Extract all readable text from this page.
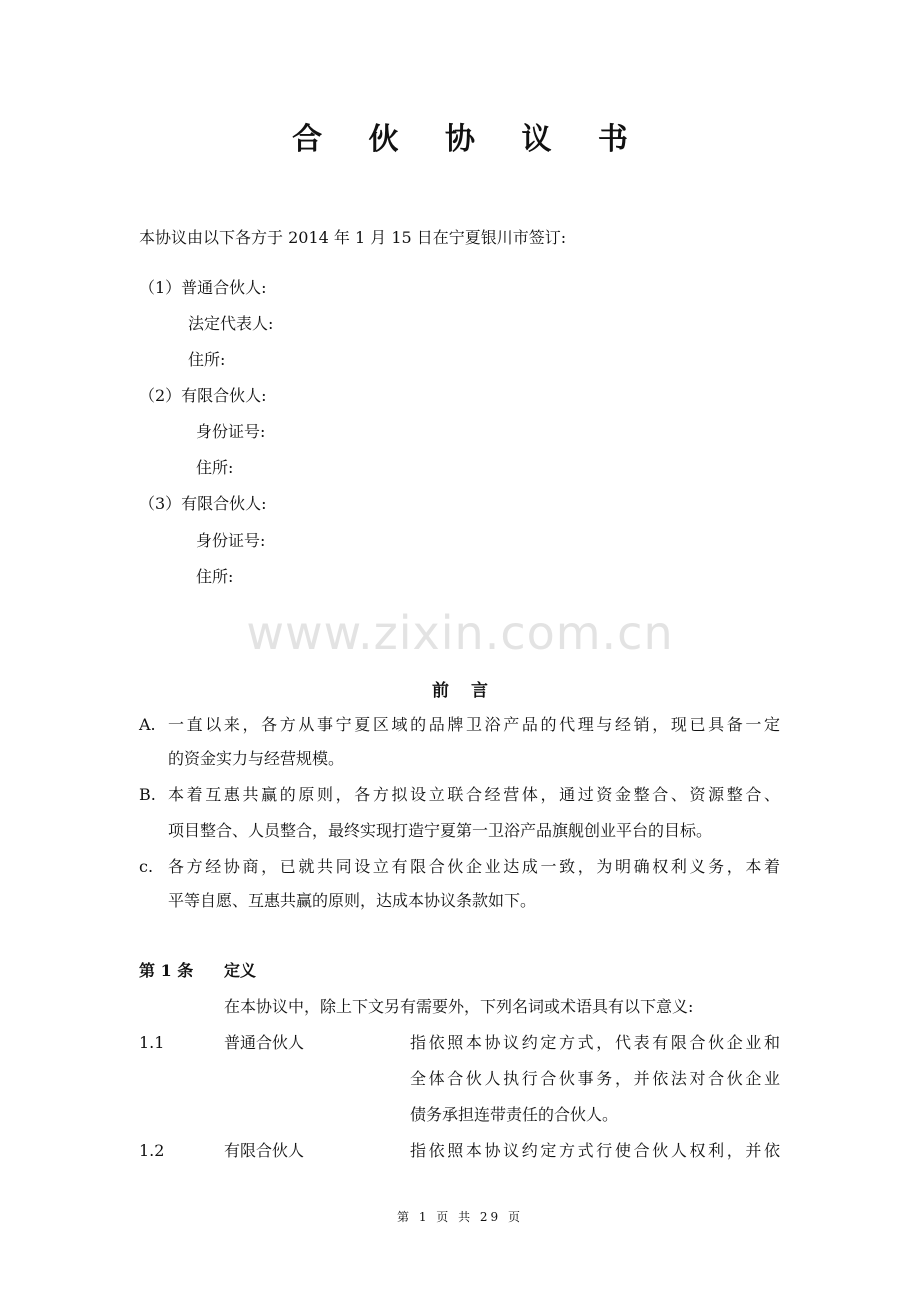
合 伙 协 议 书
本协议由以下各方于 2014 年 1 月 15 日在宁夏银川市签订:
（1）普通合伙人:
法定代表人:
住所:
（2）有限合伙人:
身份证号:
住所:
（3）有限合伙人:
身份证号:
住所:
www.zixin.com.cn
前 言
A. 一直以来，各方从事宁夏区域的品牌卫浴产品的代理与经销，现已具备一定
的资金实力与经营规模。
B. 本着互惠共赢的原则，各方拟设立联合经营体，通过资金整合、资源整合、
项目整合、人员整合，最终实现打造宁夏第一卫浴产品旗舰创业平台的目标。
c. 各方经协商，已就共同设立有限合伙企业达成一致，为明确权利义务，本着
平等自愿、互惠共赢的原则，达成本协议条款如下。
第 1 条 定义
在本协议中，除上下文另有需要外，下列名词或术语具有以下意义:
1.1	普通合伙人	指依照本协议约定方式，代表有限合伙企业和
全体合伙人执行合伙事务，并依法对合伙企业
债务承担连带责任的合伙人。
1.2	有限合伙人	指依照本协议约定方式行使合伙人权利，并依
第 1 页 共 29 页
